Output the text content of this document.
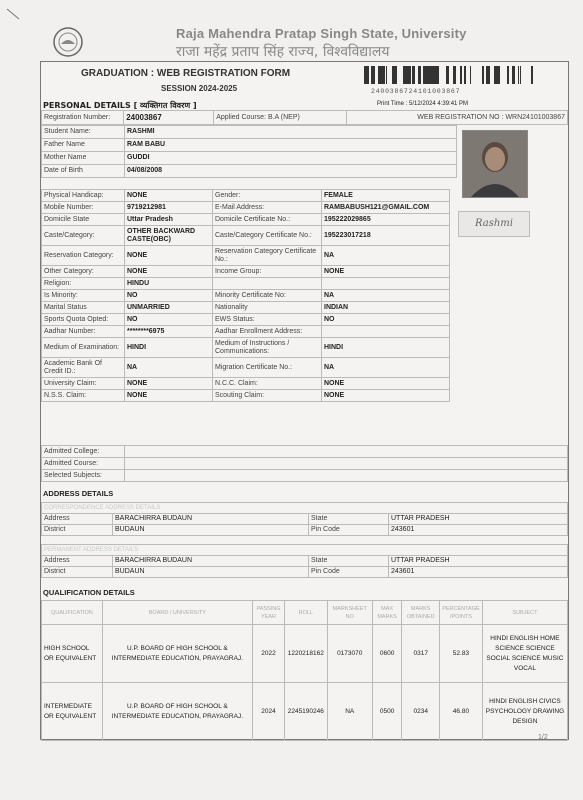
Raja Mahendra Pratap Singh State, University
राजा महेंद्र प्रताप सिंह राज्य, विश्वविद्यालय
GRADUATION : WEB REGISTRATION FORM
SESSION 2024-2025	2400386724101003867
PERSONAL DETAILS [ व्यक्तिगत विवरण ]	Print Time : 5/12/2024 4:39:41 PM
Registration Number:	24003867	Applied Course: B.A (NEP)	WEB REGISTRATION NO : WRN24101003867
Student Name:	RASHMI
Father Name	RAM BABU
Mother Name	GUDDI
Date of Birth	04/08/2008
Rashmi
Physical Handicap:	NONE	Gender:	FEMALE
Mobile Number:	9719212981	E-Mail Address:	RAMBABUSH121@GMAIL.COM
Domicile State	Uttar Pradesh	Domicile Certificate No.:	195222029865
Caste/Category:	OTHER BACKWARD CASTE(OBC)	Caste/Category Certificate No.:	195223017218
Reservation Category:	NONE	Reservation Category Certificate No.:	NA
Other Category:	NONE	Income Group:	NONE
Religion:	HINDU		
Is Minority:	NO	Minority Certificate No:	NA
Marital Status	UNMARRIED	Nationality	INDIAN
Sports Quota Opted:	NO	EWS Status:	NO
Aadhar Number:	********6975	Aadhar Enrollment Address:	
Medium of Examination:	HINDI	Medium of Instructions / Communications:	HINDI
Academic Bank Of Credit ID.:	NA	Migration Certificate No.:	NA
University Claim:	NONE	N.C.C. Claim:	NONE
N.S.S. Claim:	NONE	Scouting Claim:	NONE
Admitted College:	
Admitted Course:	
Selected Subjects:	
ADDRESS DETAILS
CORRESPONDENCE ADDRESS DETAILS			
Address	BARACHIRRA BUDAUN	State	UTTAR PRADESH
District	BUDAUN	Pin Code	243601
PERMANENT ADDRESS DETAILS			
Address	BARACHIRRA BUDAUN	State	UTTAR PRADESH
District	BUDAUN	Pin Code	243601
QUALIFICATION DETAILS
QUALIFICATION	BOARD / UNIVERSITY	PASSING YEAR	ROLL	MARKSHEET NO	MAX MARKS	MARKS OBTAINED	PERCENTAGE /POINTS	SUBJECT
HIGH SCHOOL OR EQUIVALENT	U.P. BOARD OF HIGH SCHOOL & INTERMEDIATE EDUCATION, PRAYAGRAJ.	2022	1220218162	0173070	0600	0317	52.83	HINDI ENGLISH HOME SCIENCE SCIENCE SOCIAL SCIENCE MUSIC VOCAL
INTERMEDIATE OR EQUIVALENT	U.P. BOARD OF HIGH SCHOOL & INTERMEDIATE EDUCATION, PRAYAGRAJ.	2024	2245190246	NA	0500	0234	46.80	HINDI ENGLISH CIVICS PSYCHOLOGY DRAWING DESIGN
1/2
